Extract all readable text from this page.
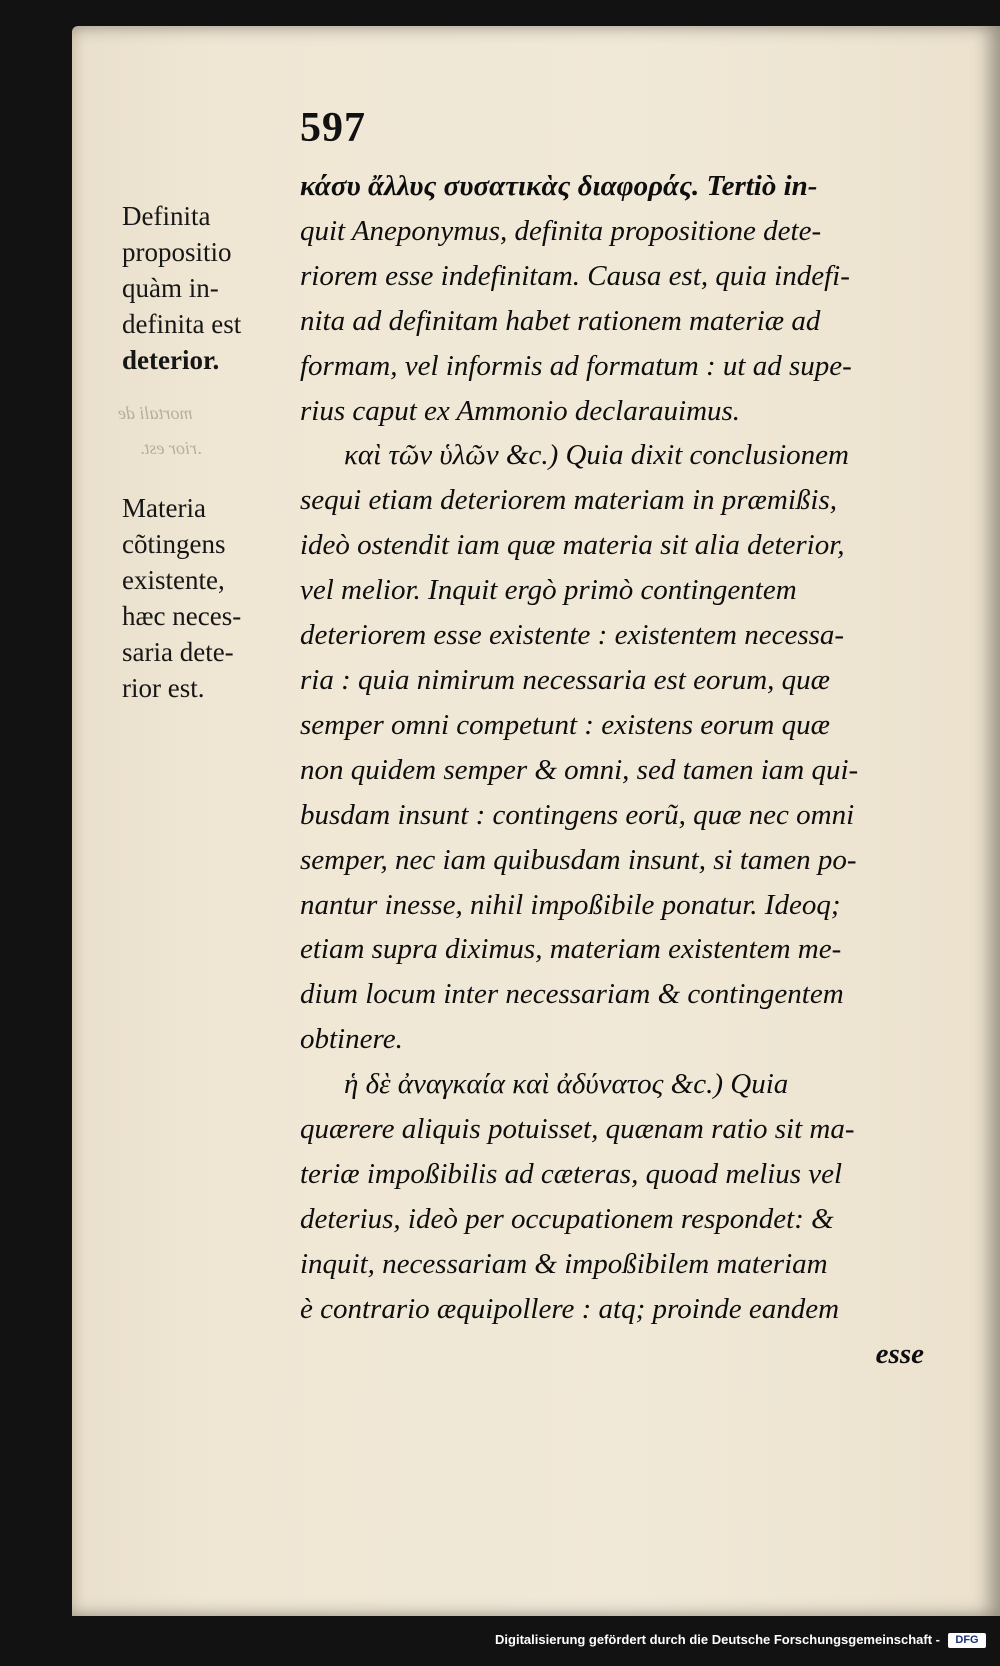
mortali de
.rior est.
597
Definita
propositio
quàm in-
definita est
deterior.
Materia
cõtingens
existente,
hæc neces-
saria dete-
rior est.
κάσυ ἄλλυς συσατικὰς διαφοράς. Tertiò in-
quit Aneponymus, definita propositione dete-
riorem esse indefinitam. Causa est, quia indefi-
nita ad definitam habet rationem materiæ ad
formam, vel informis ad formatum : ut ad supe-
rius caput ex Ammonio declarauimus.
καὶ τῶν ὑλῶν &c.) Quia dixit conclusionem
sequi etiam deteriorem materiam in præmißis,
ideò ostendit iam quæ materia sit alia deterior,
vel melior. Inquit ergò primò contingentem
deteriorem esse existente : existentem necessa-
ria : quia nimirum necessaria est eorum, quæ
semper omni competunt : existens eorum quæ
non quidem semper & omni, sed tamen iam qui-
busdam insunt : contingens eorũ, quæ nec omni
semper, nec iam quibusdam insunt, si tamen po-
nantur inesse, nihil impoßibile ponatur. Ideoq;
etiam supra diximus, materiam existentem me-
dium locum inter necessariam & contingentem
obtinere.
ἡ δὲ ἀναγκαία καὶ ἀδύνατος &c.) Quia
quærere aliquis potuisset, quænam ratio sit ma-
teriæ impoßibilis ad cæteras, quoad melius vel
deterius, ideò per occupationem respondet: &
inquit, necessariam & impoßibilem materiam
è contrario æquipollere : atq; proinde eandem
esse
Digitalisierung gefördert durch die Deutsche Forschungsgemeinschaft -	DFG
